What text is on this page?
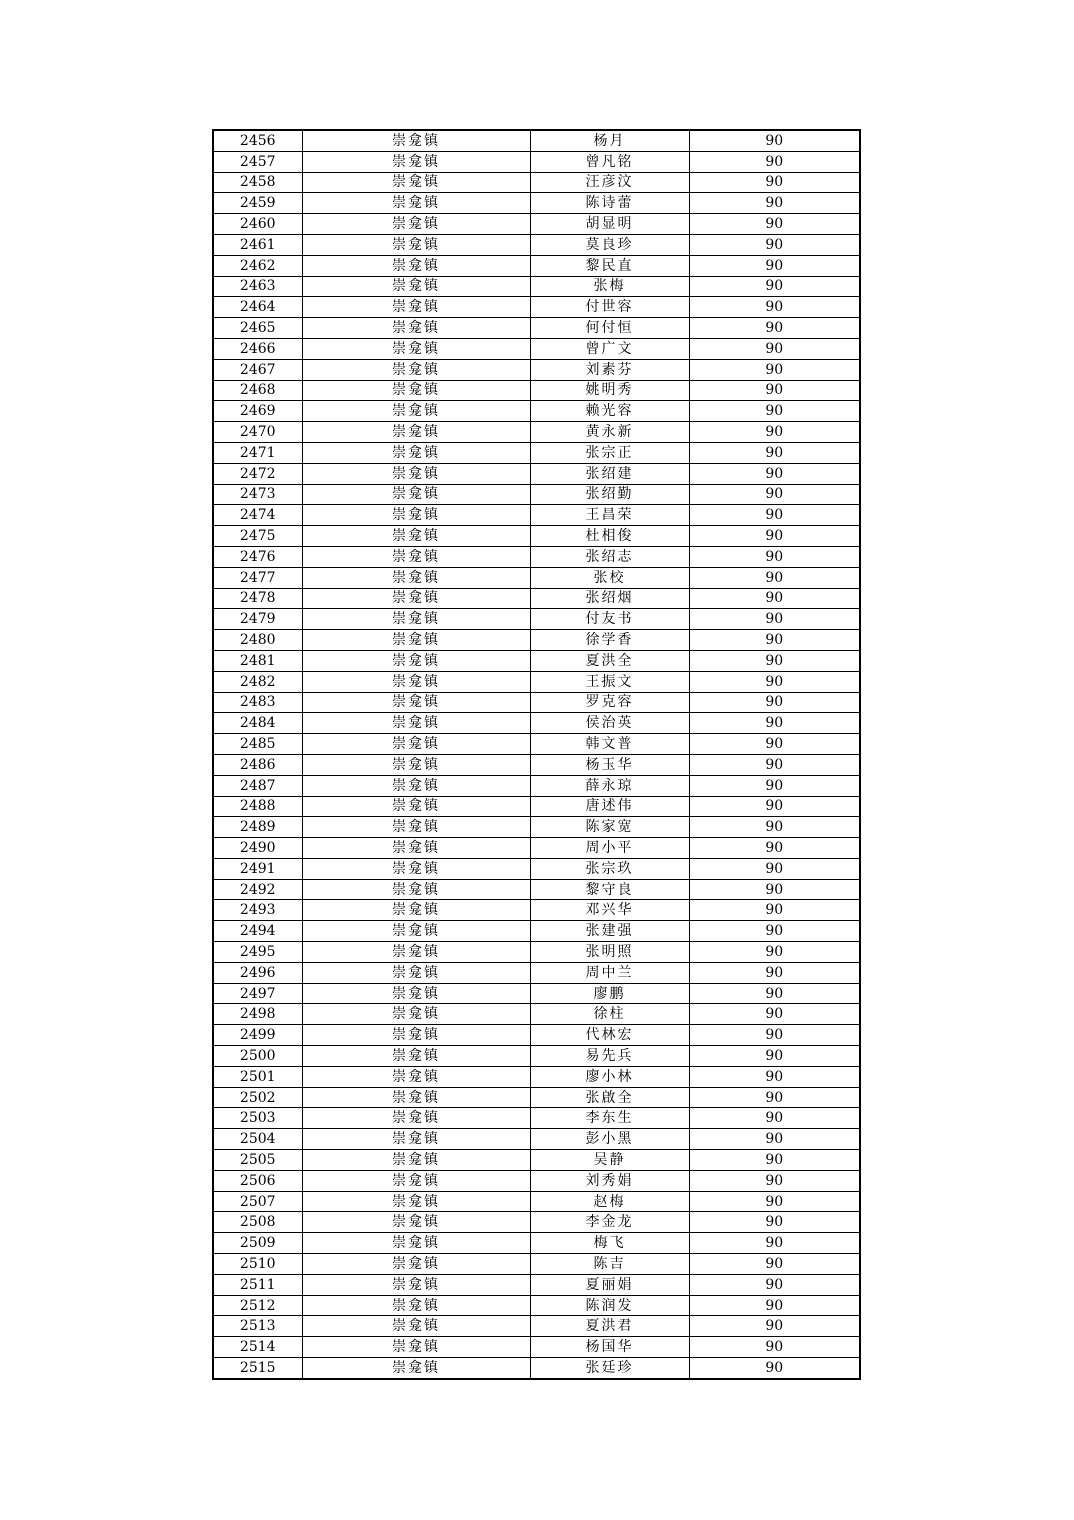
2456	崇龛镇	杨月	90
2457	崇龛镇	曾凡铭	90
2458	崇龛镇	汪彦汶	90
2459	崇龛镇	陈诗蕾	90
2460	崇龛镇	胡显明	90
2461	崇龛镇	莫良珍	90
2462	崇龛镇	黎民直	90
2463	崇龛镇	张梅	90
2464	崇龛镇	付世容	90
2465	崇龛镇	何付恒	90
2466	崇龛镇	曾广文	90
2467	崇龛镇	刘素芬	90
2468	崇龛镇	姚明秀	90
2469	崇龛镇	赖光容	90
2470	崇龛镇	黄永新	90
2471	崇龛镇	张宗正	90
2472	崇龛镇	张绍建	90
2473	崇龛镇	张绍勤	90
2474	崇龛镇	王昌荣	90
2475	崇龛镇	杜相俊	90
2476	崇龛镇	张绍志	90
2477	崇龛镇	张校	90
2478	崇龛镇	张绍烟	90
2479	崇龛镇	付友书	90
2480	崇龛镇	徐学香	90
2481	崇龛镇	夏洪全	90
2482	崇龛镇	王振文	90
2483	崇龛镇	罗克容	90
2484	崇龛镇	侯治英	90
2485	崇龛镇	韩文普	90
2486	崇龛镇	杨玉华	90
2487	崇龛镇	薛永琼	90
2488	崇龛镇	唐述伟	90
2489	崇龛镇	陈家宽	90
2490	崇龛镇	周小平	90
2491	崇龛镇	张宗玖	90
2492	崇龛镇	黎守良	90
2493	崇龛镇	邓兴华	90
2494	崇龛镇	张建强	90
2495	崇龛镇	张明照	90
2496	崇龛镇	周中兰	90
2497	崇龛镇	廖鹏	90
2498	崇龛镇	徐柱	90
2499	崇龛镇	代林宏	90
2500	崇龛镇	易先兵	90
2501	崇龛镇	廖小林	90
2502	崇龛镇	张啟全	90
2503	崇龛镇	李东生	90
2504	崇龛镇	彭小黑	90
2505	崇龛镇	吴静	90
2506	崇龛镇	刘秀娟	90
2507	崇龛镇	赵梅	90
2508	崇龛镇	李金龙	90
2509	崇龛镇	梅飞	90
2510	崇龛镇	陈吉	90
2511	崇龛镇	夏丽娟	90
2512	崇龛镇	陈润发	90
2513	崇龛镇	夏洪君	90
2514	崇龛镇	杨国华	90
2515	崇龛镇	张廷珍	90
